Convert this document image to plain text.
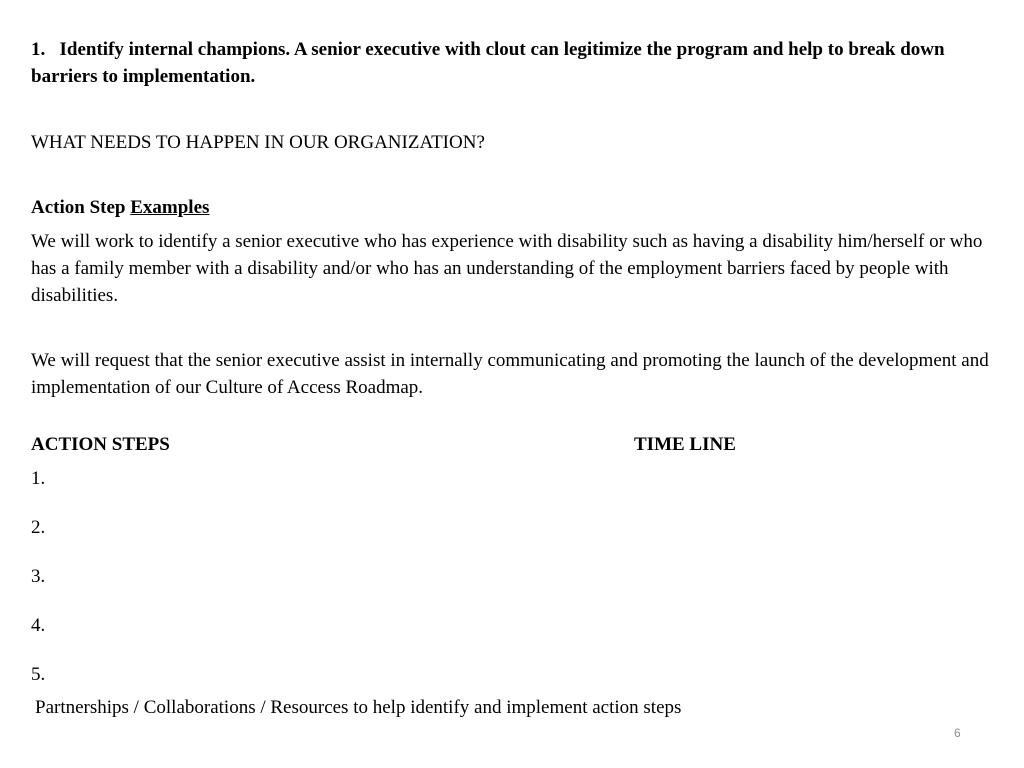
1. Identify internal champions. A senior executive with clout can legitimize the program and help to break down barriers to implementation.

WHAT NEEDS TO HAPPEN IN OUR ORGANIZATION?

Action Step Examples

We will work to identify a senior executive who has experience with disability such as having a disability him/herself or who has a family member with a disability and/or who has an understanding of the employment barriers faced by people with disabilities.

We will request that the senior executive assist in internally communicating and promoting the launch of the development and implementation of our Culture of Access Roadmap.

ACTION STEPS	TIME LINE

1.
2.
3.
4.
5.

Partnerships / Collaborations / Resources to help identify and implement action steps

6
